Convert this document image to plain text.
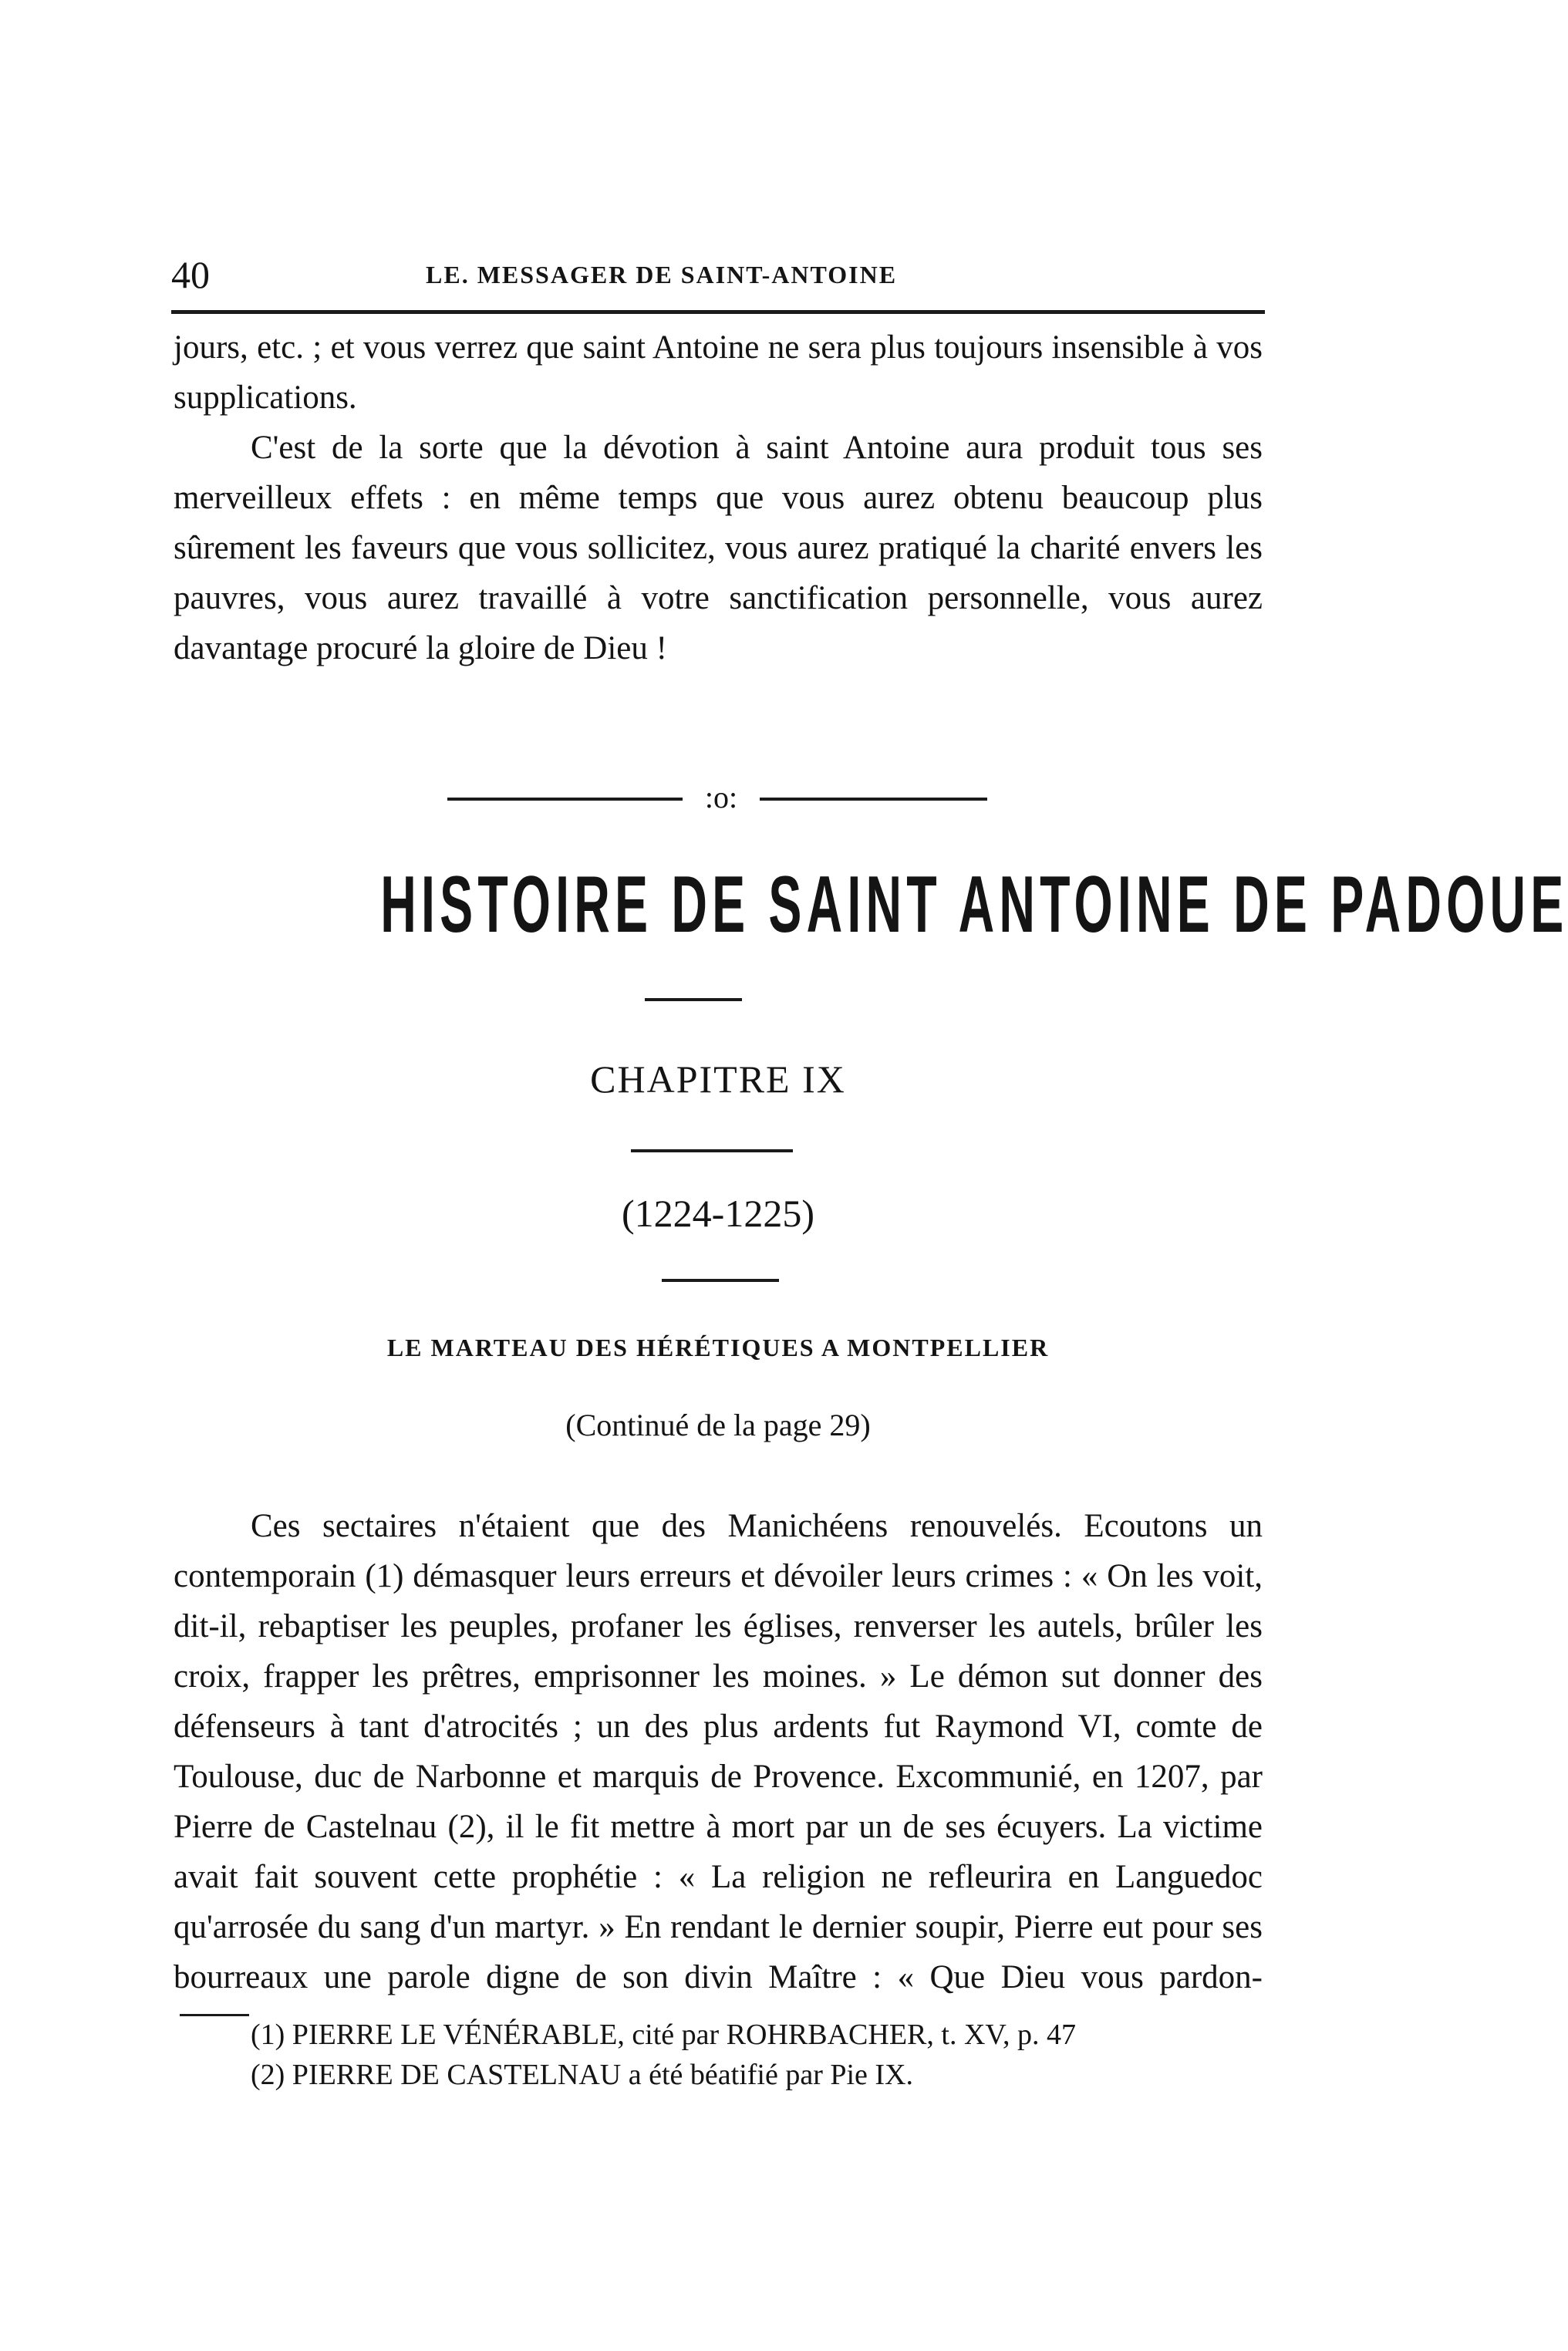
40	LE. MESSAGER DE SAINT-ANTOINE

jours, etc. ; et vous verrez que saint Antoine ne sera plus toujours insensible à vos supplications.

C'est de la sorte que la dévotion à saint Antoine aura produit tous ses merveilleux effets : en même temps que vous aurez obtenu beaucoup plus sûrement les faveurs que vous sollicitez, vous aurez pratiqué la charité envers les pauvres, vous aurez travaillé à votre sanctification personnelle, vous aurez davantage procuré la gloire de Dieu !

:o:
HISTOIRE DE SAINT ANTOINE DE PADOUE
CHAPITRE IX
(1224-1225)
LE MARTEAU DES HÉRÉTIQUES A MONTPELLIER
(Continué de la page 29)

Ces sectaires n'étaient que des Manichéens renouvelés. Ecoutons un contemporain (1) démasquer leurs erreurs et dévoiler leurs crimes : « On les voit, dit-il, rebaptiser les peuples, profaner les églises, renverser les autels, brûler les croix, frapper les prêtres, emprisonner les moines. » Le démon sut donner des défenseurs à tant d'atrocités ; un des plus ardents fut Raymond VI, comte de Toulouse, duc de Narbonne et marquis de Provence. Excommunié, en 1207, par Pierre de Castelnau (2), il le fit mettre à mort par un de ses écuyers. La victime avait fait souvent cette prophétie : « La religion ne refleurira en Languedoc qu'arrosée du sang d'un martyr. » En rendant le dernier soupir, Pierre eut pour ses bourreaux une parole digne de son divin Maître : « Que Dieu vous pardon-

(1) PIERRE LE VÉNÉRABLE, cité par ROHRBACHER, t. XV, p. 47

(2) PIERRE DE CASTELNAU a été béatifié par Pie IX.
